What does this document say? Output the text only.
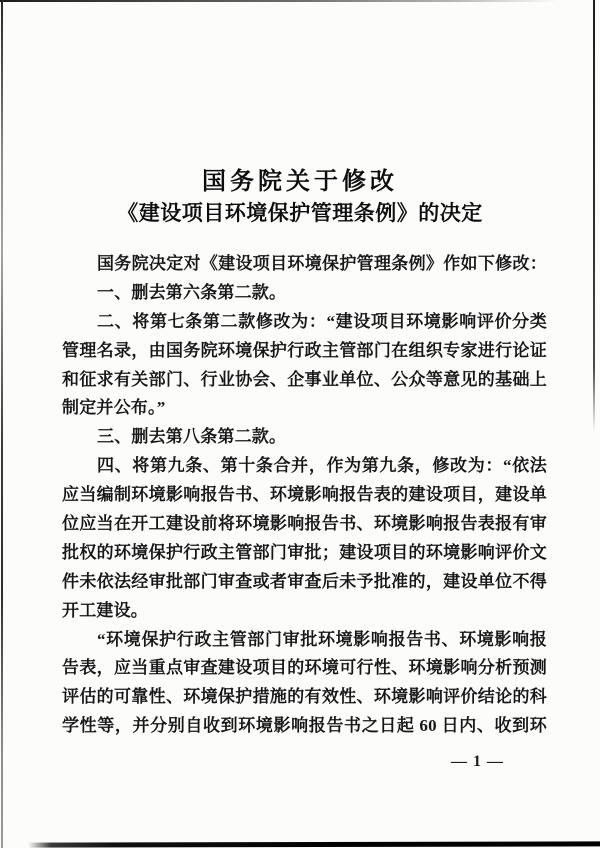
国务院关于修改
《建设项目环境保护管理条例》的决定
国务院决定对《建设项目环境保护管理条例》作如下修改：
一、删去第六条第二款。
二、将第七条第二款修改为：“建设项目环境影响评价分类
管理名录，由国务院环境保护行政主管部门在组织专家进行论证
和征求有关部门、行业协会、企事业单位、公众等意见的基础上
制定并公布。”
三、删去第八条第二款。
四、将第九条、第十条合并，作为第九条，修改为：“依法
应当编制环境影响报告书、环境影响报告表的建设项目，建设单
位应当在开工建设前将环境影响报告书、环境影响报告表报有审
批权的环境保护行政主管部门审批；建设项目的环境影响评价文
件未依法经审批部门审查或者审查后未予批准的，建设单位不得
开工建设。
“环境保护行政主管部门审批环境影响报告书、环境影响报
告表，应当重点审查建设项目的环境可行性、环境影响分析预测
评估的可靠性、环境保护措施的有效性、环境影响评价结论的科
学性等，并分别自收到环境影响报告书之日起 60 日内、收到环
— 1 —
